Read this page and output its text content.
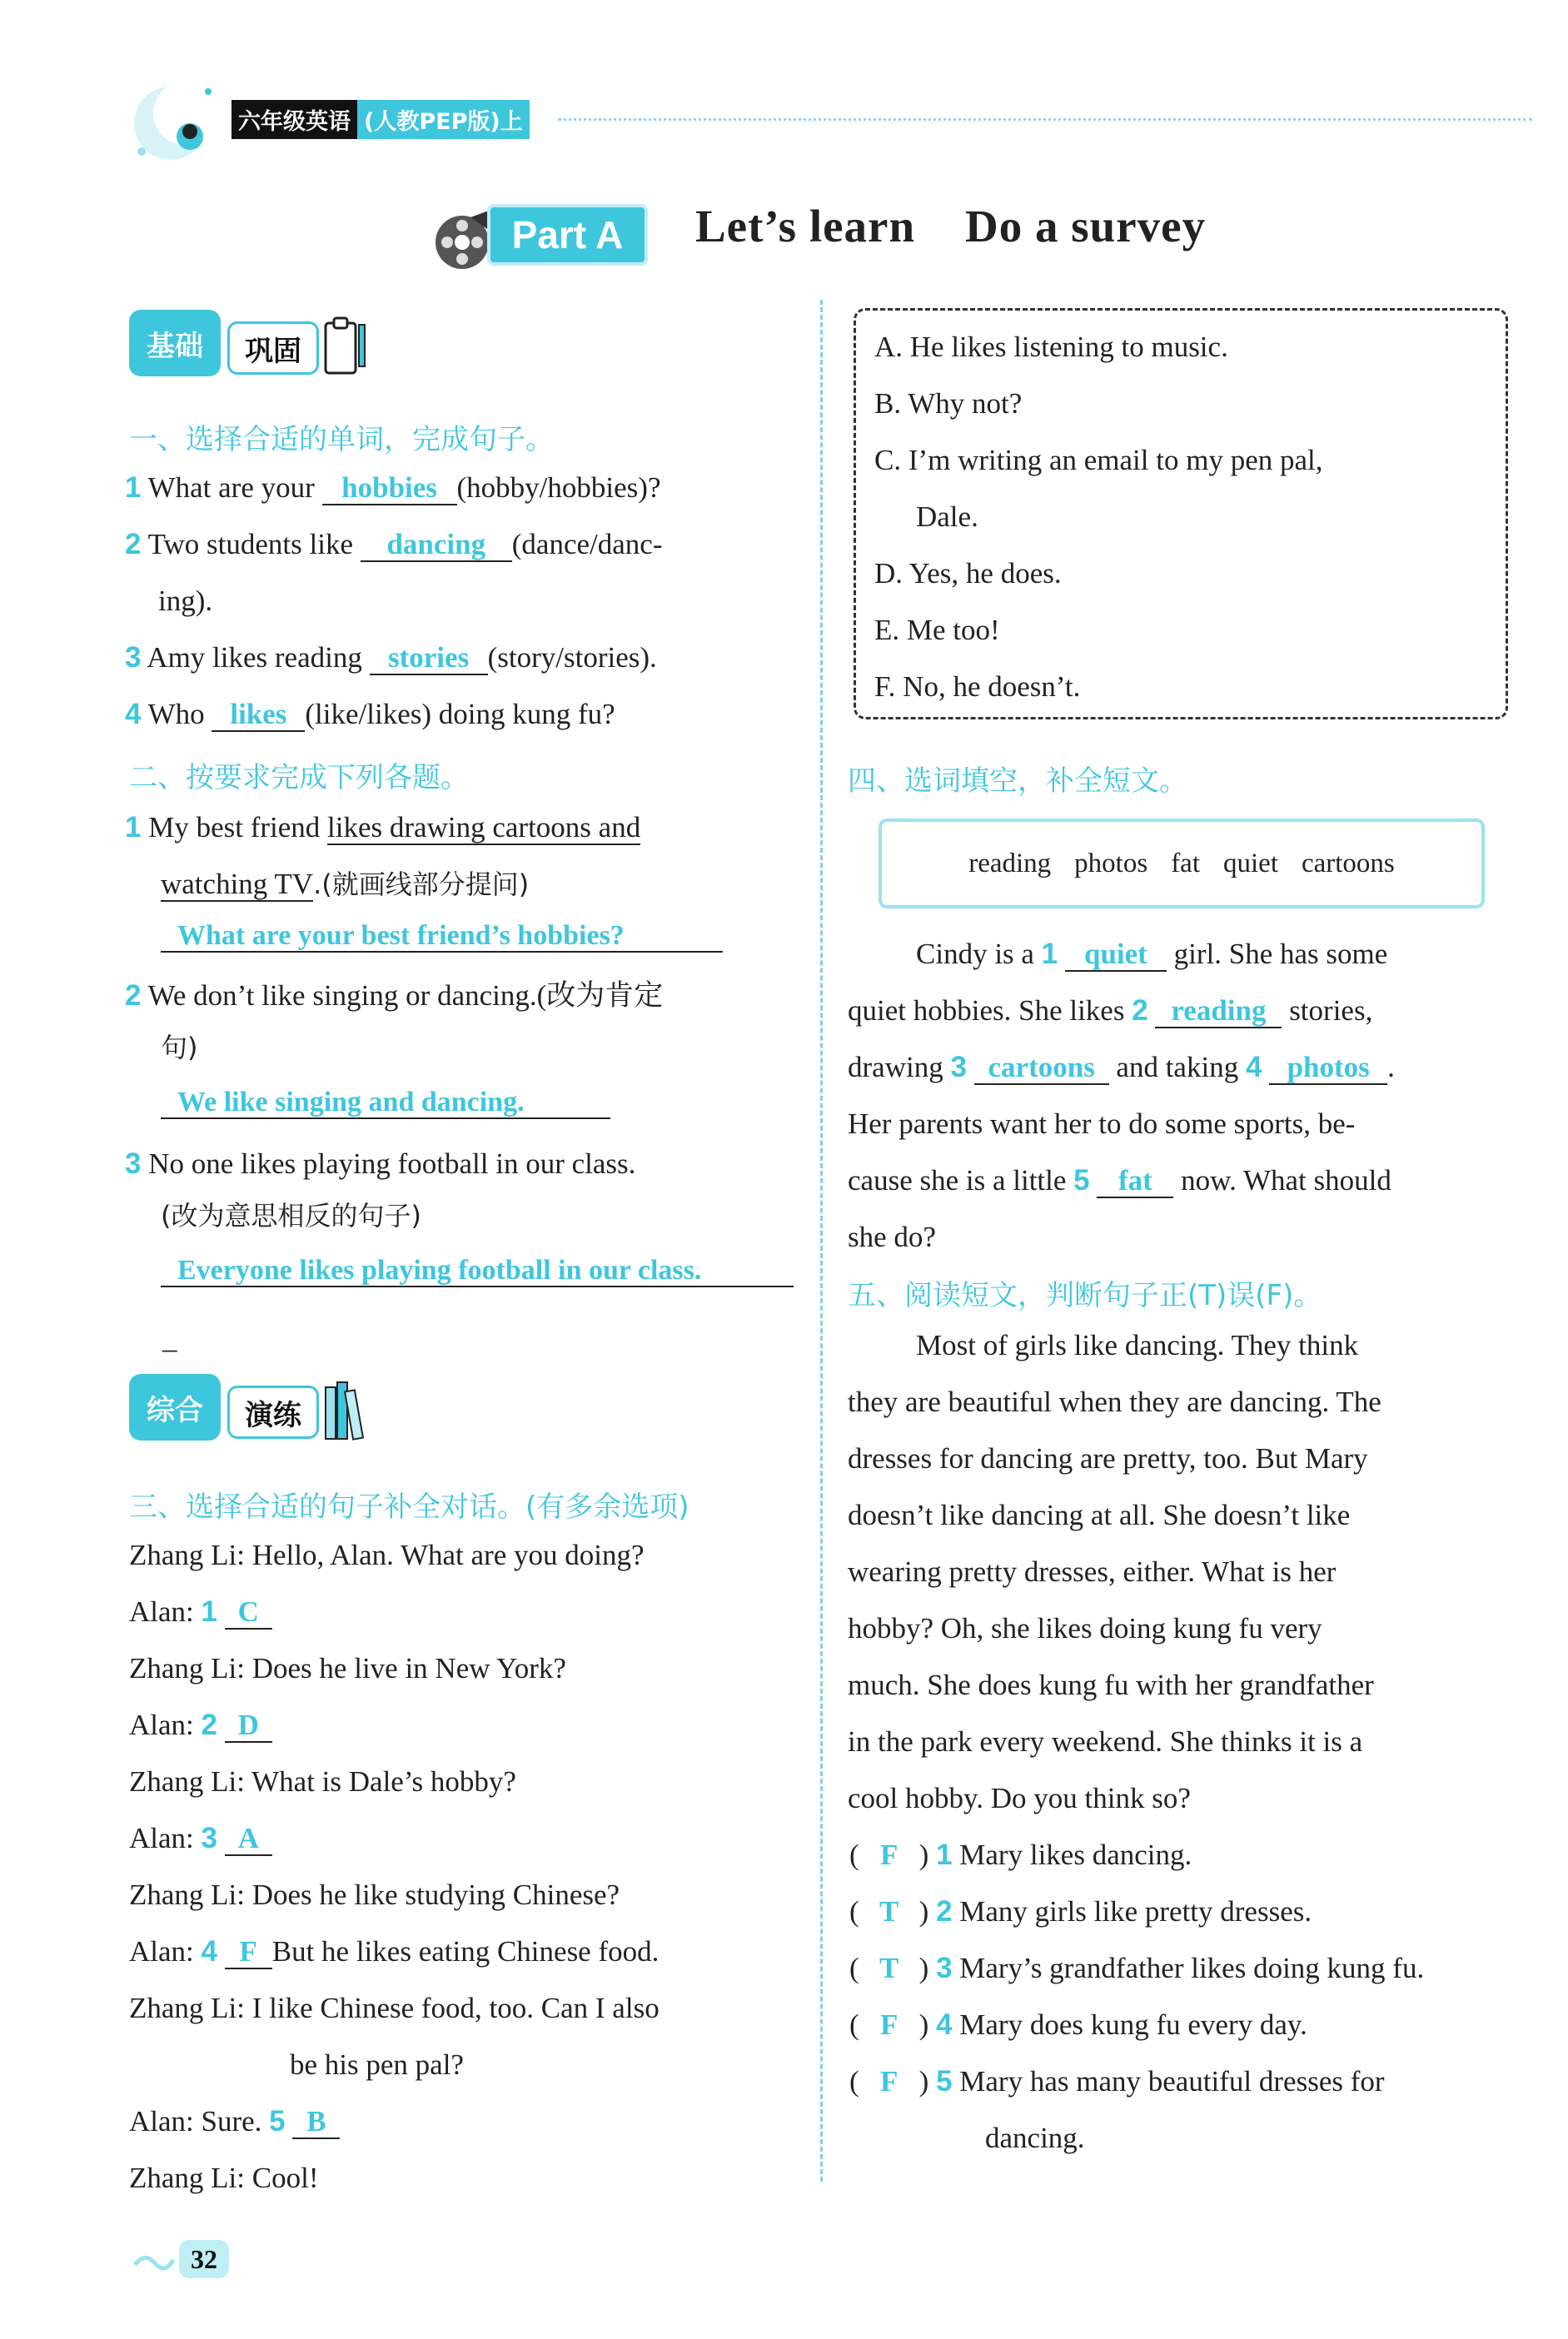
六年级英语 (人教PEP版)上
Part A	Let’s learn Do a survey
基础	巩固
一、选择合适的单词，完成句子。
1 What are your hobbies (hobby/hobbies)?
2 Two students like dancing (dance/danc-
ing).
3 Amy likes reading stories (story/stories).
4 Who likes (like/likes) doing kung fu?
二、按要求完成下列各题。
1 My best friend likes drawing cartoons and
watching TV.(就画线部分提问)
What are your best friend’s hobbies?
2 We don’t like singing or dancing.(改为肯定
句)
We like singing and dancing.
3 No one likes playing football in our class.
(改为意思相反的句子)
Everyone likes playing football in our class.
_
综合	演练
三、选择合适的句子补全对话。(有多余选项)
Zhang Li: Hello, Alan. What are you doing?
Alan: 1 C
Zhang Li: Does he live in New York?
Alan: 2 D
Zhang Li: What is Dale’s hobby?
Alan: 3 A
Zhang Li: Does he like studying Chinese?
Alan: 4 F But he likes eating Chinese food.
Zhang Li: I like Chinese food, too. Can I also
be his pen pal?
Alan: Sure. 5 B
Zhang Li: Cool!
A. He likes listening to music.
B. Why not?
C. I’m writing an email to my pen pal,
Dale.
D. Yes, he does.
E. Me too!
F. No, he doesn’t.
四、选词填空，补全短文。
reading photos fat quiet cartoons
Cindy is a 1 quiet girl. She has some
quiet hobbies. She likes 2 reading stories,
drawing 3 cartoons and taking 4 photos .
Her parents want her to do some sports, be-
cause she is a little 5 fat now. What should
she do?
五、阅读短文，判断句子正(T)误(F)。
Most of girls like dancing. They think
they are beautiful when they are dancing. The
dresses for dancing are pretty, too. But Mary
doesn’t like dancing at all. She doesn’t like
wearing pretty dresses, either. What is her
hobby? Oh, she likes doing kung fu very
much. She does kung fu with her grandfather
in the park every weekend. She thinks it is a
cool hobby. Do you think so?
( F ) 1 Mary likes dancing.
( T ) 2 Many girls like pretty dresses.
( T ) 3 Mary’s grandfather likes doing kung fu.
( F ) 4 Mary does kung fu every day.
( F ) 5 Mary has many beautiful dresses for
dancing.
32
